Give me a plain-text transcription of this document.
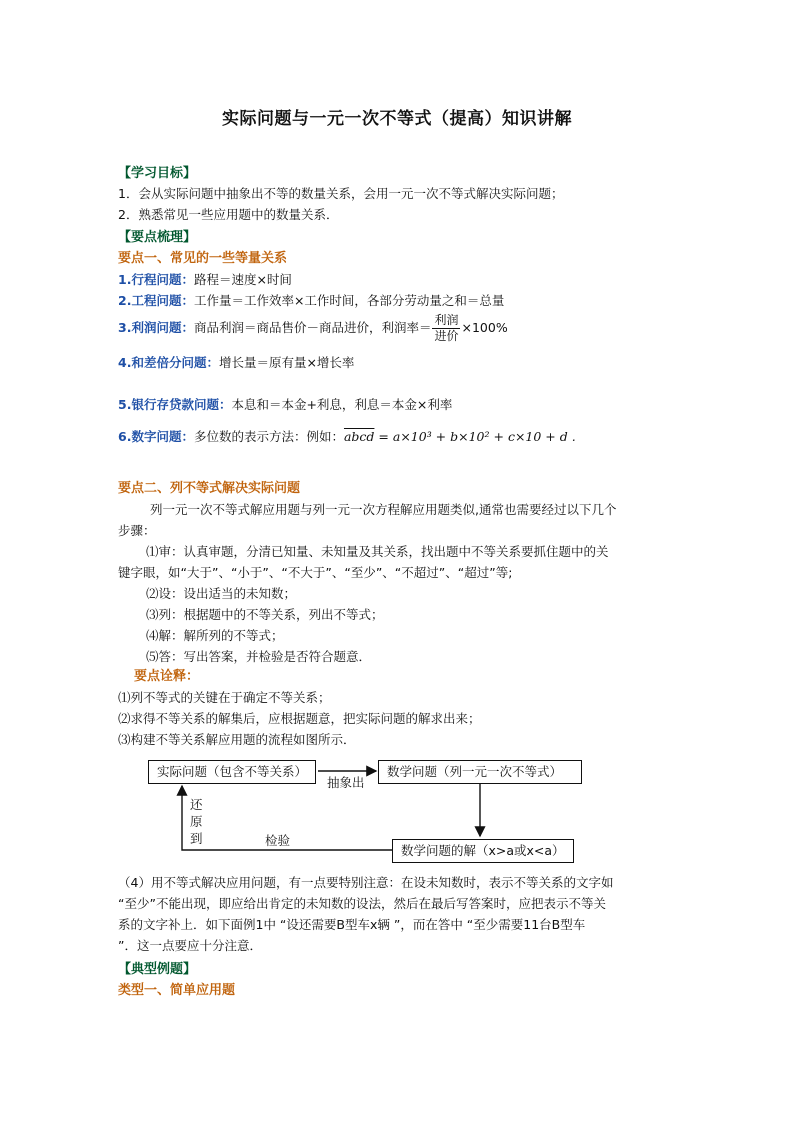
实际问题与一元一次不等式（提高）知识讲解
【学习目标】
1．会从实际问题中抽象出不等的数量关系，会用一元一次不等式解决实际问题；
2．熟悉常见一些应用题中的数量关系．
【要点梳理】
要点一、常见的一些等量关系
1.行程问题：路程＝速度×时间
2.工程问题：工作量＝工作效率×工作时间，各部分劳动量之和＝总量
3.利润问题：商品利润＝商品售价－商品进价，利润率＝ $\frac{\text{利润}}{\text{进价}} \times 100\%$
4.和差倍分问题：增长量＝原有量×增长率
5.银行存贷款问题：本息和＝本金+利息，利息＝本金×利率
6.数字问题：多位数的表示方法：例如：abcd = a×10³ + b×10² + c×10 + d .
要点二、列不等式解决实际问题
列一元一次不等式解应用题与列一元一次方程解应用题类似,通常也需要经过以下几个
步骤：
⑴审：认真审题，分清已知量、未知量及其关系，找出题中不等关系要抓住题中的关
键字眼，如“大于”、“小于”、“不大于”、“至少”、“不超过”、“超过”等;
⑵设：设出适当的未知数；
⑶列：根据题中的不等关系，列出不等式；
⑷解：解所列的不等式；
⑸答：写出答案，并检验是否符合题意．
要点诠释：
⑴列不等式的关键在于确定不等关系；
⑵求得不等关系的解集后，应根据题意，把实际问题的解求出来；
⑶构建不等关系解应用题的流程如图所示．
实际问题（包含不等关系）	数学问题（列一元一次不等式）
数学问题的解（x>a或x<a）
抽象出
检验
还
原
到
（4）用不等式解决应用问题，有一点要特别注意：在设未知数时，表示不等关系的文字如
“至少”不能出现，即应给出肯定的未知数的设法，然后在最后写答案时，应把表示不等关
系的文字补上．如下面例1中 “设还需要B型车x辆 ”，而在答中 “至少需要11台B型车
”．这一点要应十分注意．
【典型例题】
类型一、简单应用题
